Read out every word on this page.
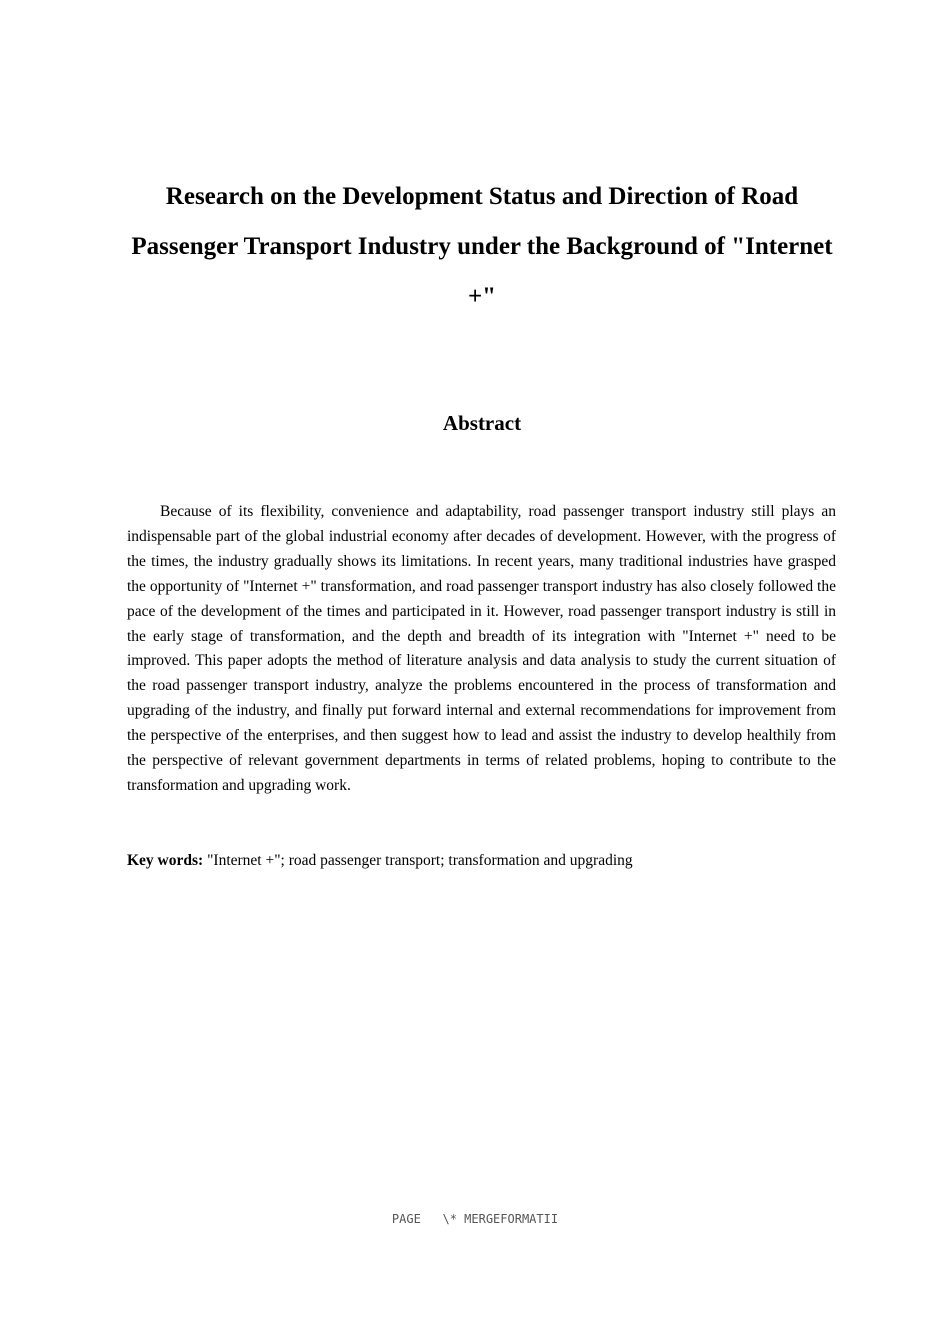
Research on the Development Status and Direction of Road Passenger Transport Industry under the Background of "Internet +"
Abstract

Because of its flexibility, convenience and adaptability, road passenger transport industry still plays an indispensable part of the global industrial economy after decades of development. However, with the progress of the times, the industry gradually shows its limitations. In recent years, many traditional industries have grasped the opportunity of "Internet +" transformation, and road passenger transport industry has also closely followed the pace of the development of the times and participated in it. However, road passenger transport industry is still in the early stage of transformation, and the depth and breadth of its integration with "Internet +" need to be improved. This paper adopts the method of literature analysis and data analysis to study the current situation of the road passenger transport industry, analyze the problems encountered in the process of transformation and upgrading of the industry, and finally put forward internal and external recommendations for improvement from the perspective of the enterprises, and then suggest how to lead and assist the industry to develop healthily from the perspective of relevant government departments in terms of related problems, hoping to contribute to the transformation and upgrading work.

Key words: "Internet +"; road passenger transport; transformation and upgrading

PAGE   \* MERGEFORMATII
